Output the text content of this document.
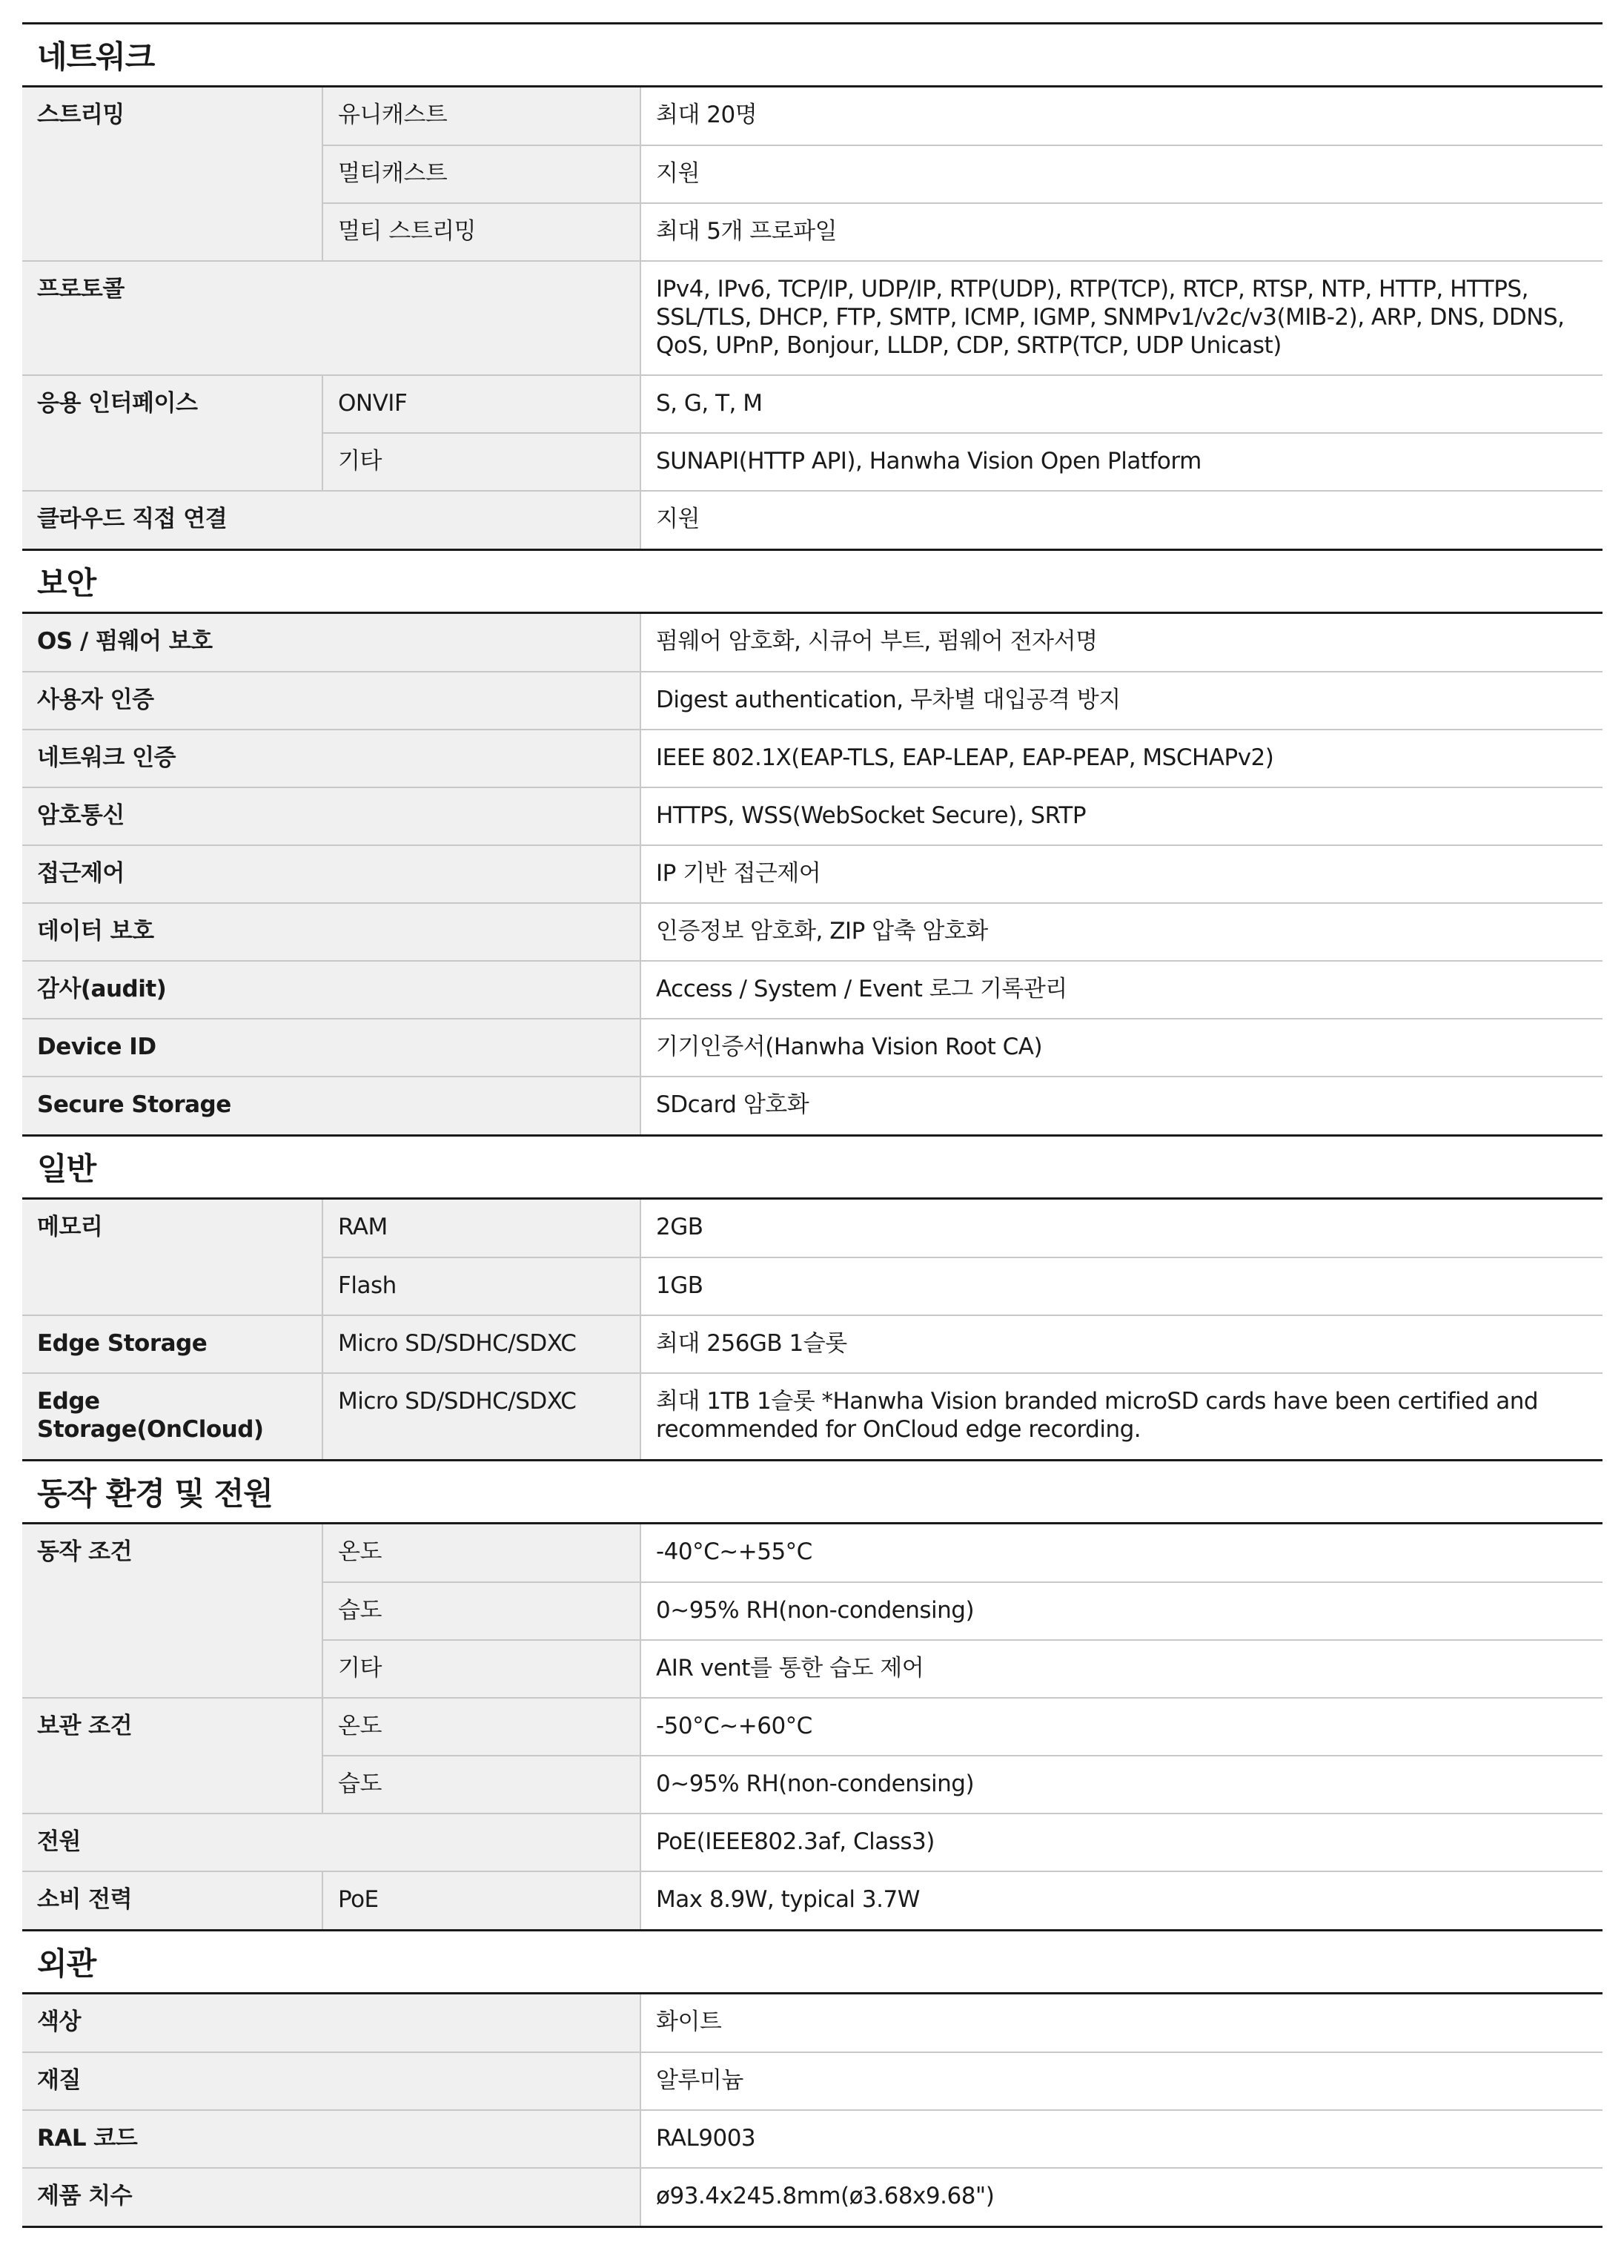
네트워크
스트리밍	유니캐스트	최대 20명
	멀티캐스트	지원
	멀티 스트리밍	최대 5개 프로파일
프로토콜		IPv4, IPv6, TCP/IP, UDP/IP, RTP(UDP), RTP(TCP), RTCP, RTSP, NTP, HTTP, HTTPS, SSL/TLS, DHCP, FTP, SMTP, ICMP, IGMP, SNMPv1/v2c/v3(MIB-2), ARP, DNS, DDNS, QoS, UPnP, Bonjour, LLDP, CDP, SRTP(TCP, UDP Unicast)
응용 인터페이스	ONVIF	S, G, T, M
	기타	SUNAPI(HTTP API), Hanwha Vision Open Platform
클라우드 직접 연결		지원
보안
OS / 펌웨어 보호	펌웨어 암호화, 시큐어 부트, 펌웨어 전자서명
사용자 인증	Digest authentication, 무차별 대입공격 방지
네트워크 인증	IEEE 802.1X(EAP-TLS, EAP-LEAP, EAP-PEAP, MSCHAPv2)
암호통신	HTTPS, WSS(WebSocket Secure), SRTP
접근제어	IP 기반 접근제어
데이터 보호	인증정보 암호화, ZIP 압축 암호화
감사(audit)	Access / System / Event 로그 기록관리
Device ID	기기인증서(Hanwha Vision Root CA)
Secure Storage	SDcard 암호화
일반
메모리	RAM	2GB
	Flash	1GB
Edge Storage	Micro SD/SDHC/SDXC	최대 256GB 1슬롯
Edge Storage(OnCloud)	Micro SD/SDHC/SDXC	최대 1TB 1슬롯 *Hanwha Vision branded microSD cards have been certified and recommended for OnCloud edge recording.
동작 환경 및 전원
동작 조건	온도	-40°C~+55°C
	습도	0~95% RH(non-condensing)
	기타	AIR vent를 통한 습도 제어
보관 조건	온도	-50°C~+60°C
	습도	0~95% RH(non-condensing)
전원		PoE(IEEE802.3af, Class3)
소비 전력	PoE	Max 8.9W, typical 3.7W
외관
색상	화이트
재질	알루미늄
RAL 코드	RAL9003
제품 치수	ø93.4x245.8mm(ø3.68x9.68")
